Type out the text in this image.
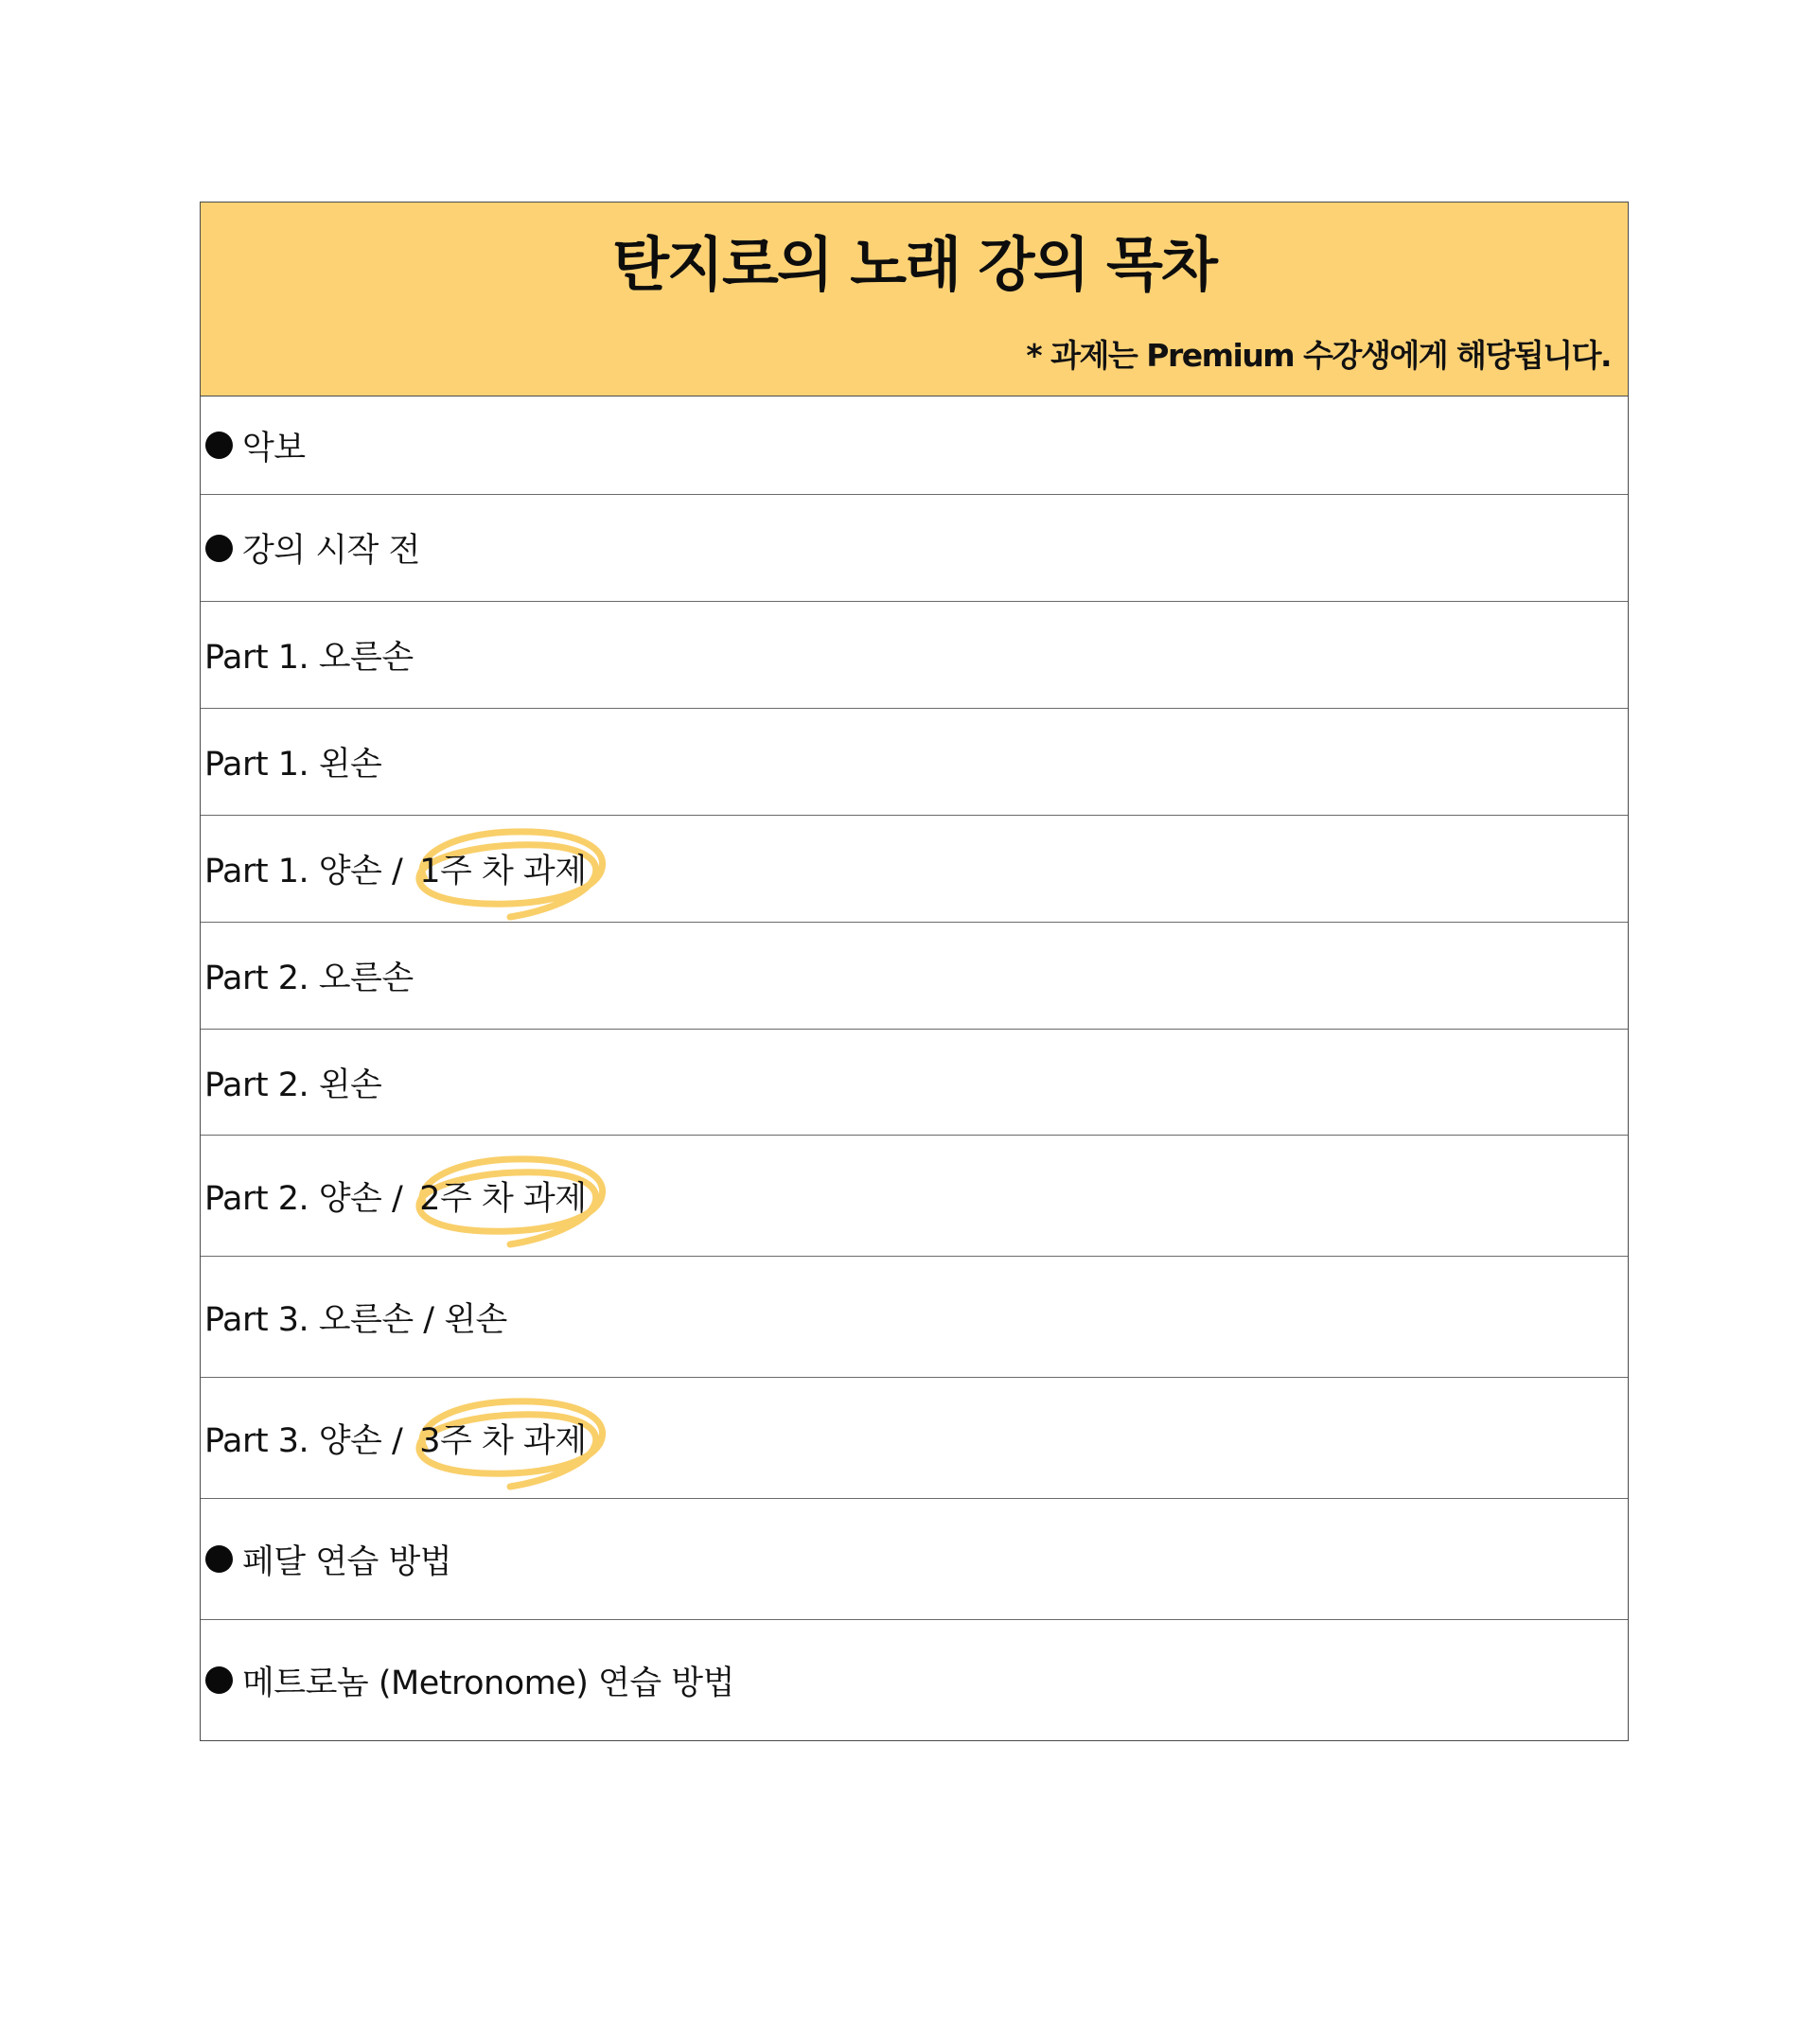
탄지로의 노래 강의 목차
* 과제는 Premium 수강생에게 해당됩니다.
악보
강의 시작 전
Part 1. 오른손
Part 1. 왼손
Part 1. 양손 / 1주 차 과제
Part 2. 오른손
Part 2. 왼손
Part 2. 양손 / 2주 차 과제
Part 3. 오른손 / 왼손
Part 3. 양손 / 3주 차 과제
페달 연습 방법
메트로놈 (Metronome) 연습 방법
